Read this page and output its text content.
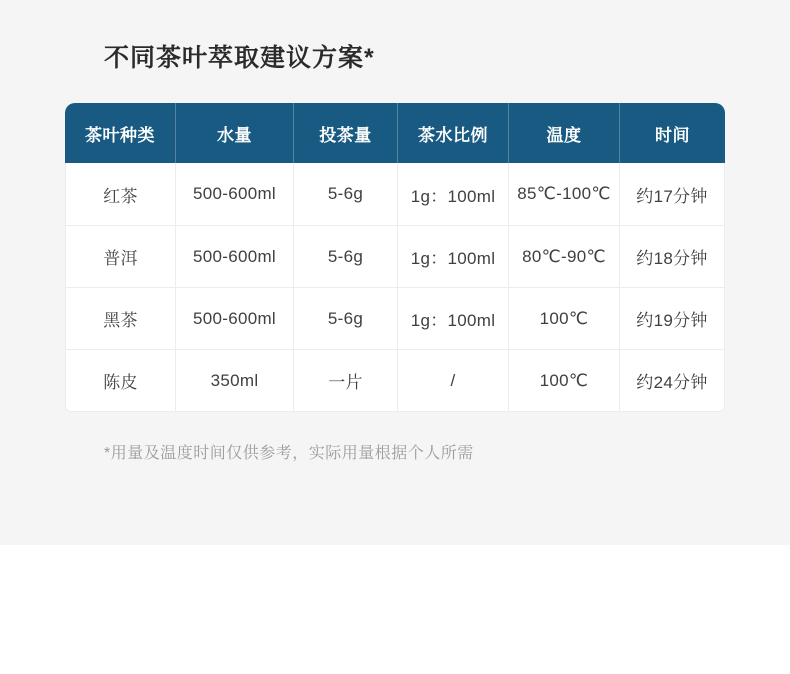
不同茶叶萃取建议方案*
茶叶种类	水量	投茶量	茶水比例	温度	时间
红茶	500-600ml	5-6g	1g：100ml	85℃-100℃	约17分钟
普洱	500-600ml	5-6g	1g：100ml	80℃-90℃	约18分钟
黑茶	500-600ml	5-6g	1g：100ml	100℃	约19分钟
陈皮	350ml	一片	/	100℃	约24分钟
*用量及温度时间仅供参考，实际用量根据个人所需
